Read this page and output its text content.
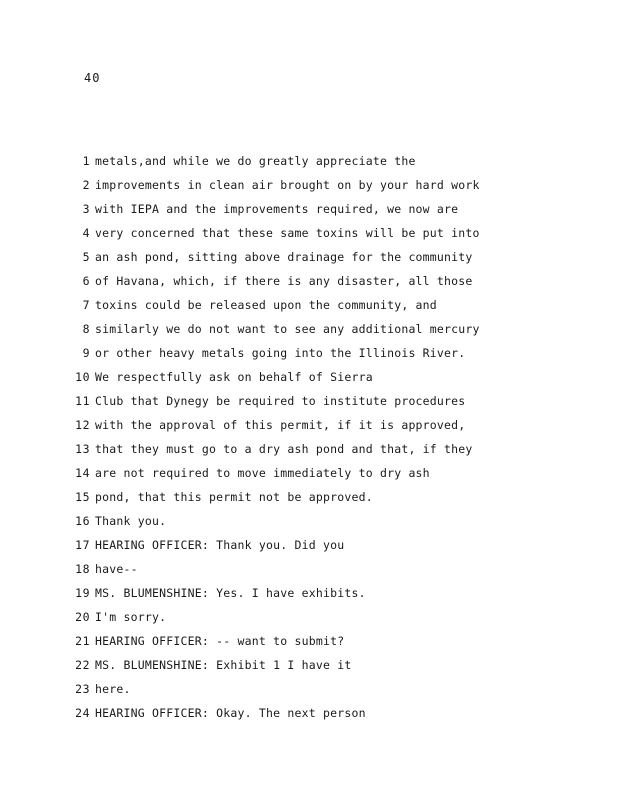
40
1 metals,and while we do greatly appreciate the
2 improvements in clean air brought on by your hard work
3 with IEPA and the improvements required, we now are
4 very concerned that these same toxins will be put into
5 an ash pond, sitting above drainage for the community
6 of Havana, which, if there is any disaster, all those
7 toxins could be released upon the community, and
8 similarly we do not want to see any additional mercury
9 or other heavy metals going into the Illinois River.
10 We respectfully ask on behalf of Sierra
11 Club that Dynegy be required to institute procedures
12 with the approval of this permit, if it is approved,
13 that they must go to a dry ash pond and that, if they
14 are not required to move immediately to dry ash
15 pond, that this permit not be approved.
16 Thank you.
17 HEARING OFFICER: Thank you. Did you
18 have--
19 MS. BLUMENSHINE: Yes. I have exhibits.
20 I'm sorry.
21 HEARING OFFICER: -- want to submit?
22 MS. BLUMENSHINE: Exhibit 1 I have it
23 here.
24 HEARING OFFICER: Okay. The next person
